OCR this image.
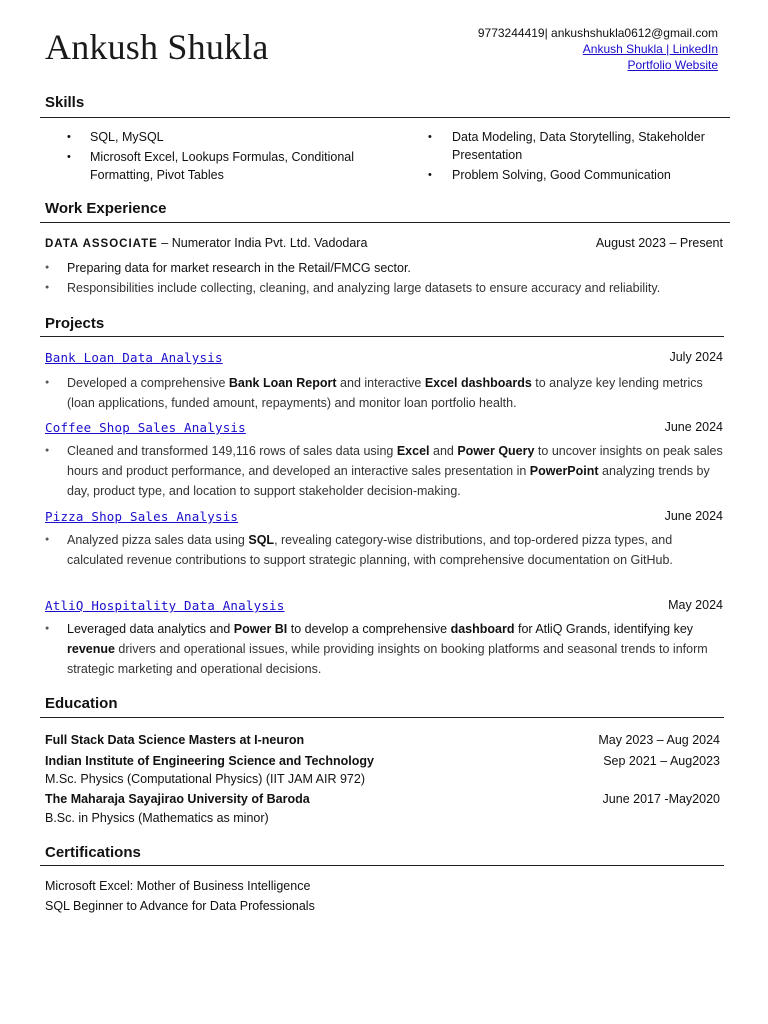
Ankush Shukla	9773244419| ankushshukla0612@gmail.com
Ankush Shukla | LinkedIn
Portfolio Website
Skills
• SQL, MySQL
• Microsoft Excel, Lookups Formulas, Conditional Formatting, Pivot Tables
• Data Modeling, Data Storytelling, Stakeholder Presentation
• Problem Solving, Good Communication
Work Experience
DATA ASSOCIATE – Numerator India Pvt. Ltd. Vadodara	August 2023 – Present
● Preparing data for market research in the Retail/FMCG sector.
● Responsibilities include collecting, cleaning, and analyzing large datasets to ensure accuracy and reliability.
Projects
Bank Loan Data Analysis	July 2024
● Developed a comprehensive Bank Loan Report and interactive Excel dashboards to analyze key lending metrics (loan applications, funded amount, repayments) and monitor loan portfolio health.
Coffee Shop Sales Analysis	June 2024
● Cleaned and transformed 149,116 rows of sales data using Excel and Power Query to uncover insights on peak sales hours and product performance, and developed an interactive sales presentation in PowerPoint analyzing trends by day, product type, and location to support stakeholder decision-making.
Pizza Shop Sales Analysis	June 2024
● Analyzed pizza sales data using SQL, revealing category-wise distributions, and top-ordered pizza types, and calculated revenue contributions to support strategic planning, with comprehensive documentation on GitHub.
AtliQ Hospitality Data Analysis	May 2024
● Leveraged data analytics and Power BI to develop a comprehensive dashboard for AtliQ Grands, identifying key revenue drivers and operational issues, while providing insights on booking platforms and seasonal trends to inform strategic marketing and operational decisions.
Education
Full Stack Data Science Masters at I-neuron	May 2023 – Aug 2024
Indian Institute of Engineering Science and Technology	Sep 2021 – Aug2023
M.Sc. Physics (Computational Physics) (IIT JAM AIR 972)
The Maharaja Sayajirao University of Baroda	June 2017 -May2020
B.Sc. in Physics (Mathematics as minor)
Certifications
Microsoft Excel: Mother of Business Intelligence
SQL Beginner to Advance for Data Professionals
